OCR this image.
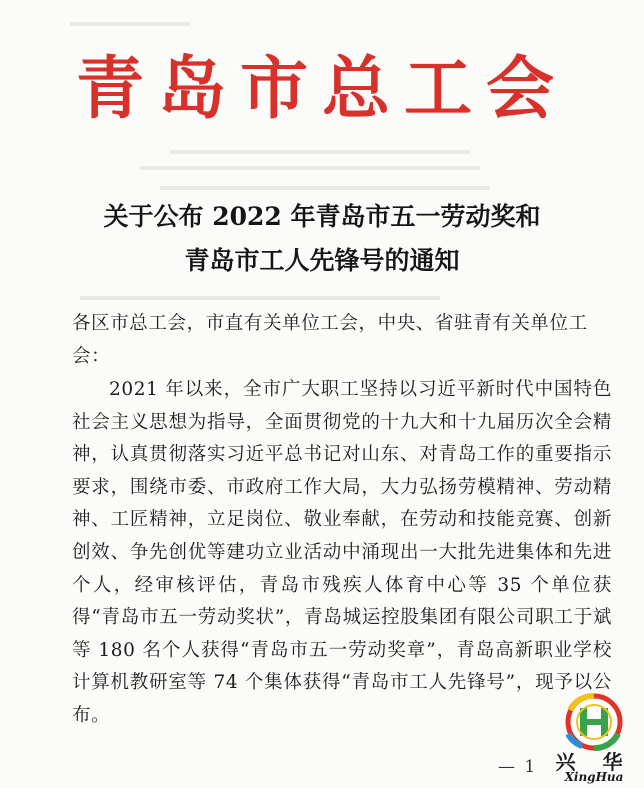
青岛市总工会
关于公布 2022 年青岛市五一劳动奖和
青岛市工人先锋号的通知
各区市总工会，市直有关单位工会，中央、省驻青有关单位工会：
2021 年以来，全市广大职工坚持以习近平新时代中国特色社会主义思想为指导，全面贯彻党的十九大和十九届历次全会精神，认真贯彻落实习近平总书记对山东、对青岛工作的重要指示要求，围绕市委、市政府工作大局，大力弘扬劳模精神、劳动精神、工匠精神，立足岗位、敬业奉献，在劳动和技能竞赛、创新创效、争先创优等建功立业活动中涌现出一大批先进集体和先进个人，经审核评估，青岛市残疾人体育中心等 35 个单位获得“青岛市五一劳动奖状”，青岛城运控股集团有限公司职工于斌等 180 名个人获得“青岛市五一劳动奖章”，青岛高新职业学校计算机教研室等 74 个集体获得“青岛市工人先锋号”，现予以公布。
— 1 兴 华
XingHua
